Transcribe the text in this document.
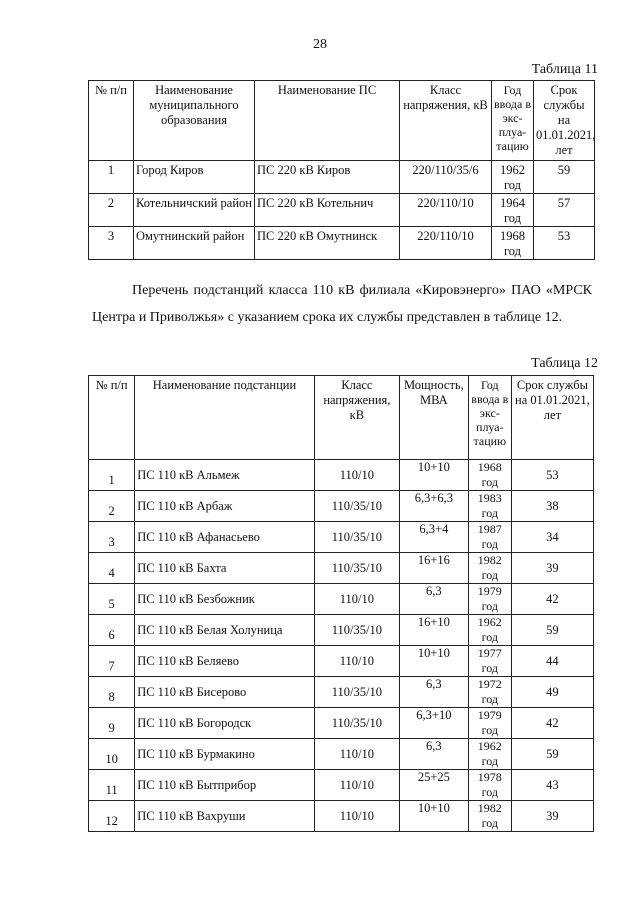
28
Таблица 11
№ п/п	Наименование муниципального образования	Наименование ПС	Класс напряжения, кВ	Год ввода в экс- плуа- тацию	Срок службы на 01.01.2021, лет
1	Город Киров	ПС 220 кВ Киров	220/110/35/6	1962 год	59
2	Котельничский район	ПС 220 кВ Котельнич	220/110/10	1964 год	57
3	Омутнинский район	ПС 220 кВ Омутнинск	220/110/10	1968 год	53

Перечень подстанций класса 110 кВ филиала «Кировэнерго» ПАО «МРСК Центра и Приволжья» с указанием срока их службы представлен в таблице 12.

Таблица 12
№ п/п	Наименование подстанции	Класс напряжения, кВ	Мощность, МВА	Год ввода в экс- плуа- тацию	Срок службы на 01.01.2021, лет
1	ПС 110 кВ Альмеж	110/10	10+10	1968 год	53
2	ПС 110 кВ Арбаж	110/35/10	6,3+6,3	1983 год	38
3	ПС 110 кВ Афанасьево	110/35/10	6,3+4	1987 год	34
4	ПС 110 кВ Бахта	110/35/10	16+16	1982 год	39
5	ПС 110 кВ Безбожник	110/10	6,3	1979 год	42
6	ПС 110 кВ Белая Холуница	110/35/10	16+10	1962 год	59
7	ПС 110 кВ Беляево	110/10	10+10	1977 год	44
8	ПС 110 кВ Бисерово	110/35/10	6,3	1972 год	49
9	ПС 110 кВ Богородск	110/35/10	6,3+10	1979 год	42
10	ПС 110 кВ Бурмакино	110/10	6,3	1962 год	59
11	ПС 110 кВ Бытприбор	110/10	25+25	1978 год	43
12	ПС 110 кВ Вахруши	110/10	10+10	1982 год	39
